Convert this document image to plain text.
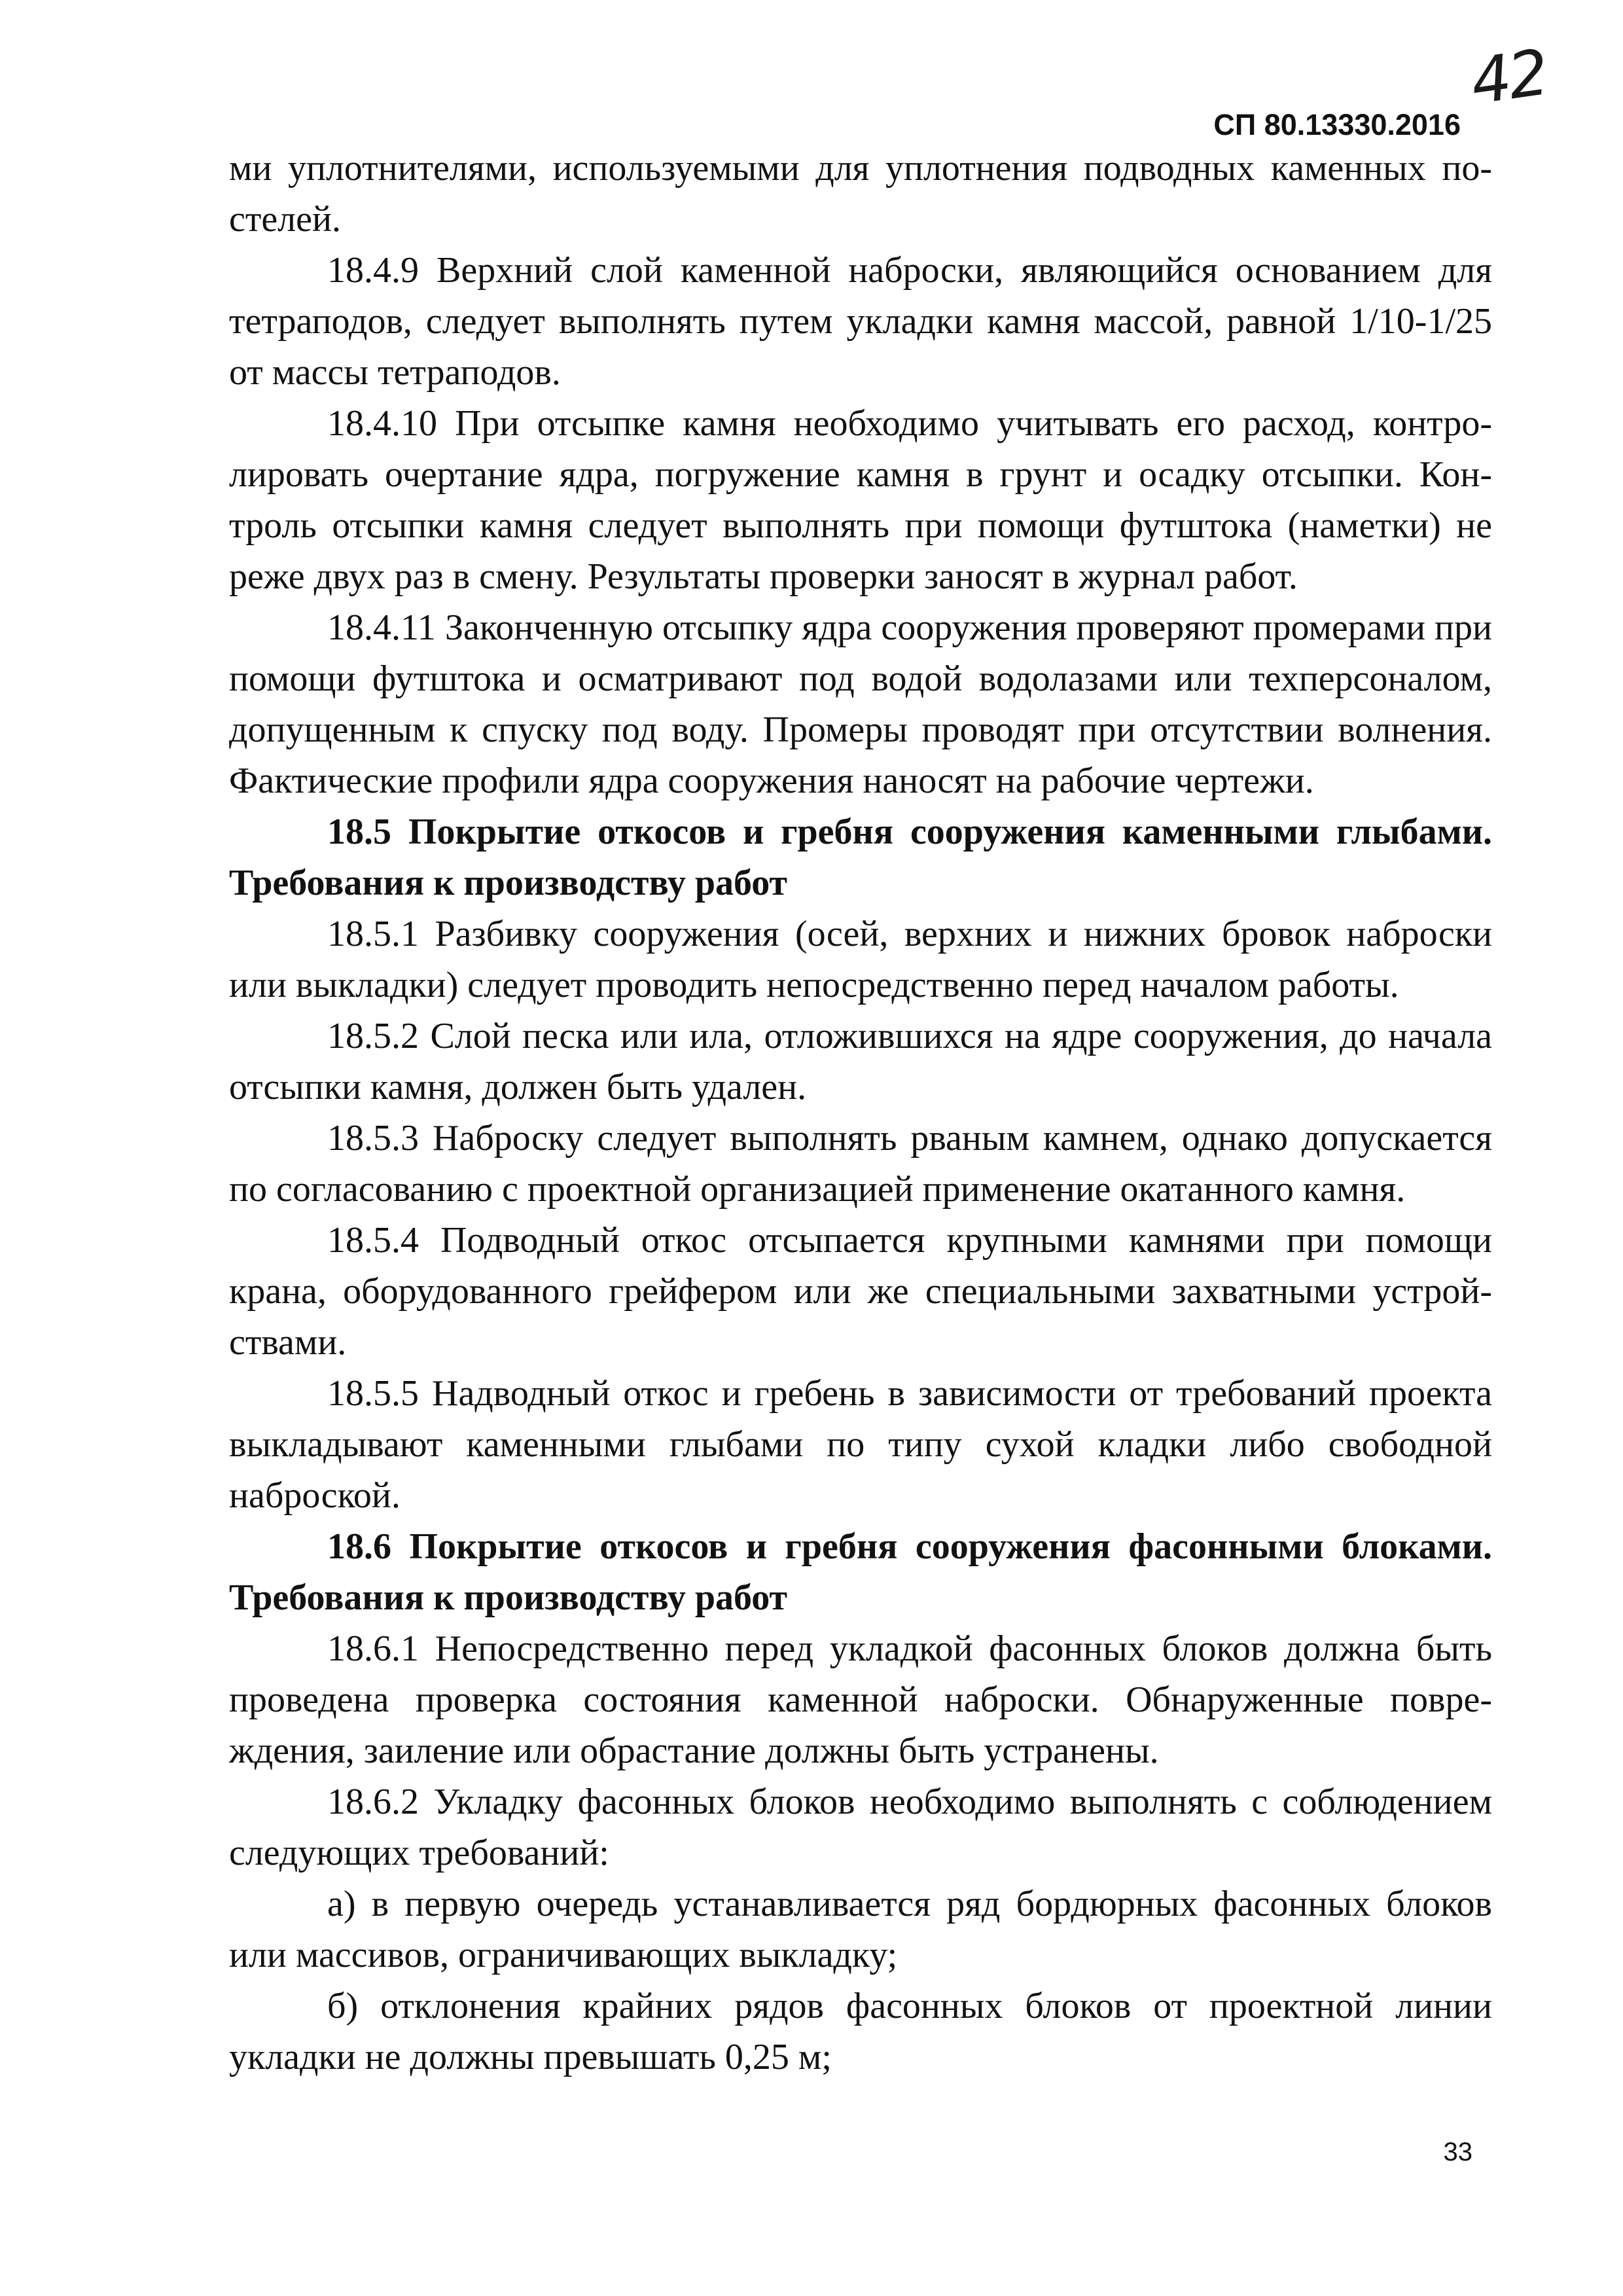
42
СП 80.13330.2016

ми уплотнителями, используемыми для уплотнения подводных каменных постелей.

18.4.9 Верхний слой каменной наброски, являющийся основанием для тетраподов, следует выполнять путем укладки камня массой, равной 1/10-1/25 от массы тетраподов.

18.4.10 При отсыпке камня необходимо учитывать его расход, контролировать очертание ядра, погружение камня в грунт и осадку отсыпки. Контроль отсыпки камня следует выполнять при помощи футштока (наметки) не реже двух раз в смену. Результаты проверки заносят в журнал работ.

18.4.11 Законченную отсыпку ядра сооружения проверяют промерами при помощи футштока и осматривают под водой водолазами или техперсоналом, допущенным к спуску под воду. Промеры проводят при отсутствии волнения. Фактические профили ядра сооружения наносят на рабочие чертежи.

18.5 Покрытие откосов и гребня сооружения каменными глыбами. Требования к производству работ

18.5.1 Разбивку сооружения (осей, верхних и нижних бровок наброски или выкладки) следует проводить непосредственно перед началом работы.

18.5.2 Слой песка или ила, отложившихся на ядре сооружения, до начала отсыпки камня, должен быть удален.

18.5.3 Наброску следует выполнять рваным камнем, однако допускается по согласованию с проектной организацией применение окатанного камня.

18.5.4 Подводный откос отсыпается крупными камнями при помощи крана, оборудованного грейфером или же специальными захватными устройствами.

18.5.5 Надводный откос и гребень в зависимости от требований проекта выкладывают каменными глыбами по типу сухой кладки либо свободной наброской.

18.6 Покрытие откосов и гребня сооружения фасонными блоками. Требования к производству работ

18.6.1 Непосредственно перед укладкой фасонных блоков должна быть проведена проверка состояния каменной наброски. Обнаруженные повреждения, заиление или обрастание должны быть устранены.

18.6.2 Укладку фасонных блоков необходимо выполнять с соблюдением следующих требований:

а) в первую очередь устанавливается ряд бордюрных фасонных блоков или массивов, ограничивающих выкладку;

б) отклонения крайних рядов фасонных блоков от проектной линии укладки не должны превышать 0,25 м;

33
